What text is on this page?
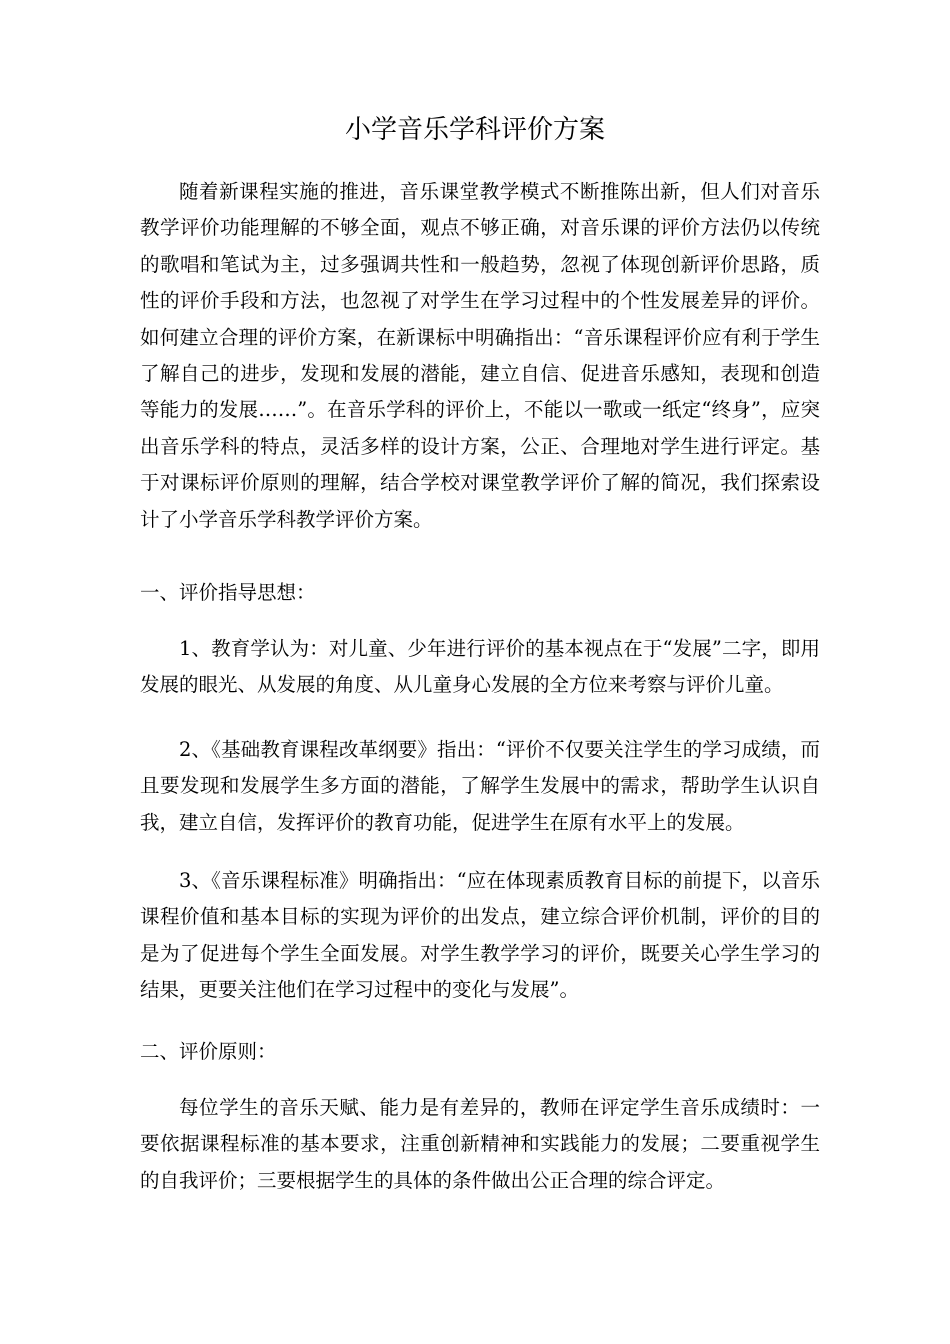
小学音乐学科评价方案

随着新课程实施的推进，音乐课堂教学模式不断推陈出新，但人们对音乐教学评价功能理解的不够全面，观点不够正确，对音乐课的评价方法仍以传统的歌唱和笔试为主，过多强调共性和一般趋势，忽视了体现创新评价思路，质性的评价手段和方法，也忽视了对学生在学习过程中的个性发展差异的评价。如何建立合理的评价方案，在新课标中明确指出：“音乐课程评价应有利于学生了解自己的进步，发现和发展的潜能，建立自信、促进音乐感知，表现和创造等能力的发展……”。在音乐学科的评价上，不能以一歌或一纸定“终身”，应突出音乐学科的特点，灵活多样的设计方案，公正、合理地对学生进行评定。基于对课标评价原则的理解，结合学校对课堂教学评价了解的简况，我们探索设计了小学音乐学科教学评价方案。

一、评价指导思想：

1、教育学认为：对儿童、少年进行评价的基本视点在于“发展”二字，即用发展的眼光、从发展的角度、从儿童身心发展的全方位来考察与评价儿童。

2、《基础教育课程改革纲要》指出：“评价不仅要关注学生的学习成绩，而且要发现和发展学生多方面的潜能，了解学生发展中的需求，帮助学生认识自我，建立自信，发挥评价的教育功能，促进学生在原有水平上的发展。

3、《音乐课程标准》明确指出：“应在体现素质教育目标的前提下，以音乐课程价值和基本目标的实现为评价的出发点，建立综合评价机制，评价的目的是为了促进每个学生全面发展。对学生教学学习的评价，既要关心学生学习的结果，更要关注他们在学习过程中的变化与发展”。

二、评价原则：

每位学生的音乐天赋、能力是有差异的，教师在评定学生音乐成绩时：一要依据课程标准的基本要求，注重创新精神和实践能力的发展；二要重视学生的自我评价；三要根据学生的具体的条件做出公正合理的综合评定。
